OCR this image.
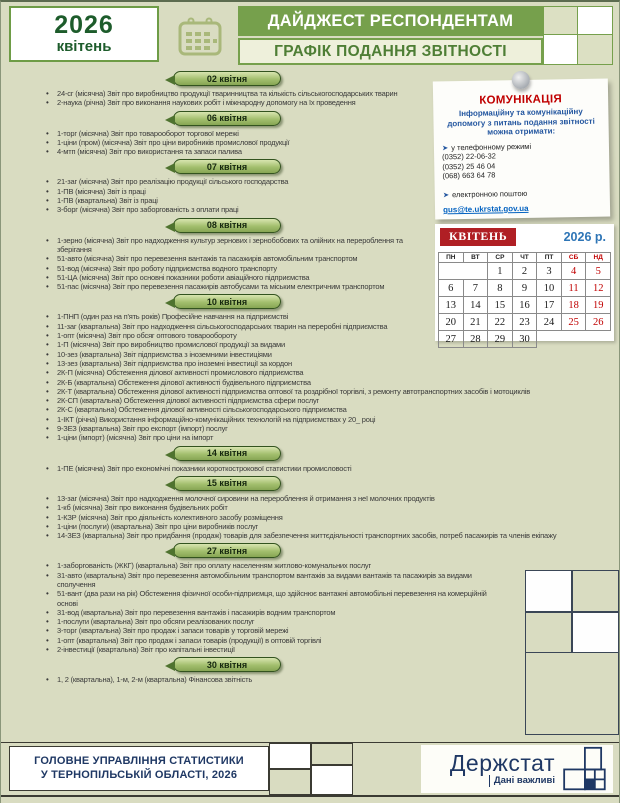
2026
квітень
ДАЙДЖЕСТ РЕСПОНДЕНТАМ
ГРАФІК ПОДАННЯ ЗВІТНОСТІ
02 квітня
• 24-сг (місячна) Звіт про виробництво продукції тваринництва та кількість сільськогосподарських тварин
• 2-наука (річна) Звіт про виконання наукових робіт і міжнародну допомогу на їх проведення
06 квітня
• 1-торг (місячна) Звіт про товарооборот торгової мережі
• 1-ціни (пром) (місячна) Звіт про ціни виробників промислової продукції
• 4-мтп (місячна) Звіт про використання та запаси палива
07 квітня
• 21-заг (місячна) Звіт про реалізацію продукції сільського господарства
• 1-ПВ (місячна) Звіт із праці
• 1-ПВ (квартальна) Звіт із праці
• 3-борг (місячна) Звіт про заборгованість з оплати праці
08 квітня
• 1-зерно (місячна) Звіт про надходження культур зернових і зернобобових та олійних на перероблення та зберігання
• 51-авто (місячна) Звіт про перевезення вантажів та пасажирів автомобільним транспортом
• 51-вод (місячна) Звіт про роботу підприємства водного транспорту
• 51-ЦА (місячна) Звіт про основні показники роботи авіаційного підприємства
• 51-пас (місячна) Звіт про перевезення пасажирів автобусами та міським електричним транспортом
10 квітня
• 1-ПНП (один раз на п'ять років) Професійне навчання на підприємстві
• 11-заг (квартальна) Звіт про надходження сільськогосподарських тварин на переробні підприємства
• 1-опт (місячна) Звіт про обсяг оптового товарообороту
• 1-П (місячна) Звіт про виробництво промислової продукції за видами
• 10-зез (квартальна) Звіт підприємства з іноземними інвестиціями
• 13-зез (квартальна) Звіт підприємства про іноземні інвестиції за кордон
• 2К-П (місячна) Обстеження ділової активності промислового підприємства
• 2К-Б (квартальна) Обстеження ділової активності будівельного підприємства
• 2К-Т (квартальна) Обстеження ділової активності підприємства оптової та роздрібної торгівлі, з ремонту автотранспортних засобів і мотоциклів
• 2К-СП (квартальна) Обстеження ділової активності підприємства сфери послуг
• 2К-С (квартальна) Обстеження ділової активності сільськогосподарського підприємства
• 1-ІКТ (річна) Використання інформаційно-комунікаційних технологій на підприємствах у 20_ році
• 9-ЗЕЗ (квартальна) Звіт про експорт (імпорт) послуг
• 1-ціни (імпорт) (місячна) Звіт про ціни на імпорт
14 квітня
• 1-ПЕ (місячна) Звіт про економічні показники короткострокової статистики промисловості
15 квітня
• 13-заг (місячна) Звіт про надходження молочної сировини на перероблення й отримання з неї молочних продуктів
• 1-кб (місячна) Звіт про виконання будівельних робіт
• 1-КЗР (місячна) Звіт про діяльність колективного засобу розміщення
• 1-ціни (послуги) (квартальна) Звіт про ціни виробників послуг
• 14-ЗЕЗ (квартальна) Звіт про придбання (продаж) товарів для забезпечення життєдіяльності транспортних засобів, потреб пасажирів та членів екіпажу
27 квітня
• 1-заборгованість (ЖКГ) (квартальна) Звіт про оплату населенням житлово-комунальних послуг
• 31-авто (квартальна) Звіт про перевезення автомобільним транспортом вантажів за видами вантажів та пасажирів за видами сполучення
• 51-вант (два рази на рік) Обстеження фізичної особи-підприємця, що здійснює вантажні автомобільні перевезення на комерційній основі
• 31-вод (квартальна) Звіт про перевезення вантажів і пасажирів водним транспортом
• 1-послуги (квартальна) Звіт про обсяги реалізованих послуг
• 3-торг (квартальна) Звіт про продаж і запаси товарів у торговій мережі
• 1-опт (квартальна) Звіт про продаж і запаси товарів (продукції) в оптовій торгівлі
• 2-інвестиції (квартальна) Звіт про капітальні інвестиції
30 квітня
• 1, 2 (квартальна), 1-м, 2-м (квартальна) Фінансова звітність
КОМУНІКАЦІЯ
Інформаційну та комунікаційну допомогу з питань подання звітності можна отримати:
➤ у телефонному режимі
(0352) 22-06-32
(0352) 25 46 04
(068) 663 64 78
➤ електронною поштою
gus@te.ukrstat.gov.ua
КВІТЕНЬ	2026 р.
ПН	ВТ	СР	ЧТ	ПТ	СБ	НД
		1	2	3	4	5
6	7	8	9	10	11	12
13	14	15	16	17	18	19
20	21	22	23	24	25	26
27	28	29	30			
ГОЛОВНЕ УПРАВЛІННЯ СТАТИСТИКИ
У ТЕРНОПІЛЬСЬКІЙ ОБЛАСТІ, 2026	Держстат
Дані важливі
